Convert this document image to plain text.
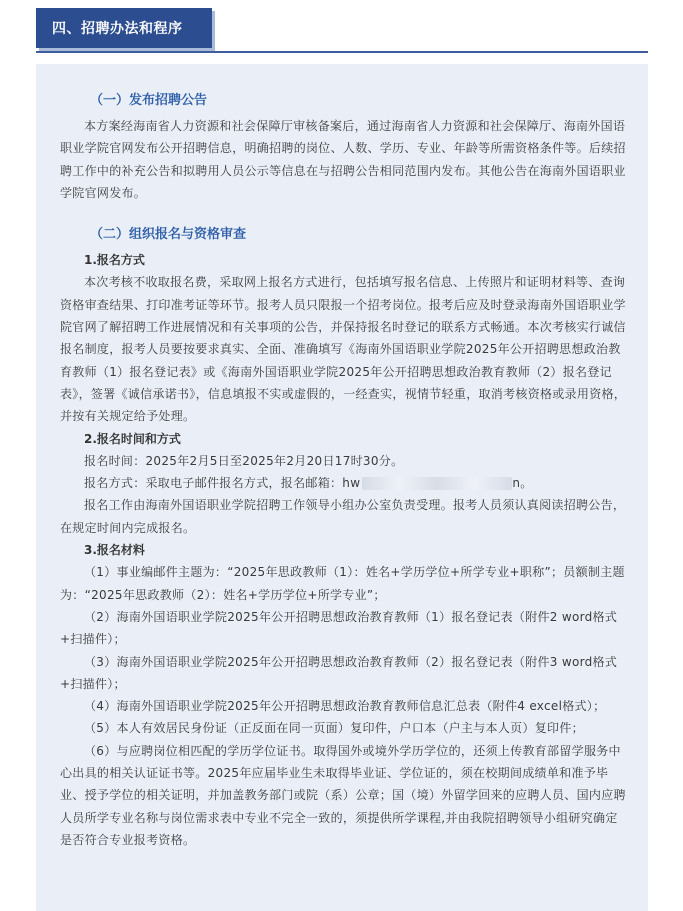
四、招聘办法和程序

（一）发布招聘公告

本方案经海南省人力资源和社会保障厅审核备案后，通过海南省人力资源和社会保障厅、海南外国语职业学院官网发布公开招聘信息，明确招聘的岗位、人数、学历、专业、年龄等所需资格条件等。后续招聘工作中的补充公告和拟聘用人员公示等信息在与招聘公告相同范围内发布。其他公告在海南外国语职业学院官网发布。

（二）组织报名与资格审查

1.报名方式

本次考核不收取报名费，采取网上报名方式进行，包括填写报名信息、上传照片和证明材料等、查询资格审查结果、打印准考证等环节。报考人员只限报一个招考岗位。报考后应及时登录海南外国语职业学院官网了解招聘工作进展情况和有关事项的公告，并保持报名时登记的联系方式畅通。本次考核实行诚信报名制度，报考人员要按要求真实、全面、准确填写《海南外国语职业学院2025年公开招聘思想政治教育教师（1）报名登记表》或《海南外国语职业学院2025年公开招聘思想政治教育教师（2）报名登记表》，签署《诚信承诺书》，信息填报不实或虚假的，一经查实，视情节轻重，取消考核资格或录用资格，并按有关规定给予处理。

2.报名时间和方式

报名时间：2025年2月5日至2025年2月20日17时30分。

报名方式：采取电子邮件报名方式，报名邮箱：hw	n。

报名工作由海南外国语职业学院招聘工作领导小组办公室负责受理。报考人员须认真阅读招聘公告，在规定时间内完成报名。

3.报名材料

（1）事业编邮件主题为：“2025年思政教师（1）：姓名+学历学位+所学专业+职称”；员额制主题为：“2025年思政教师（2）：姓名+学历学位+所学专业”；

（2）海南外国语职业学院2025年公开招聘思想政治教育教师（1）报名登记表（附件2 word格式+扫描件）；

（3）海南外国语职业学院2025年公开招聘思想政治教育教师（2）报名登记表（附件3 word格式+扫描件）；

（4）海南外国语职业学院2025年公开招聘思想政治教育教师信息汇总表（附件4 excel格式）；

（5）本人有效居民身份证（正反面在同一页面）复印件，户口本（户主与本人页）复印件；

（6）与应聘岗位相匹配的学历学位证书。取得国外或境外学历学位的，还须上传教育部留学服务中心出具的相关认证证书等。2025年应届毕业生未取得毕业证、学位证的，须在校期间成绩单和准予毕业、授予学位的相关证明，并加盖教务部门或院（系）公章；国（境）外留学回来的应聘人员、国内应聘人员所学专业名称与岗位需求表中专业不完全一致的，须提供所学课程,并由我院招聘领导小组研究确定是否符合专业报考资格。
